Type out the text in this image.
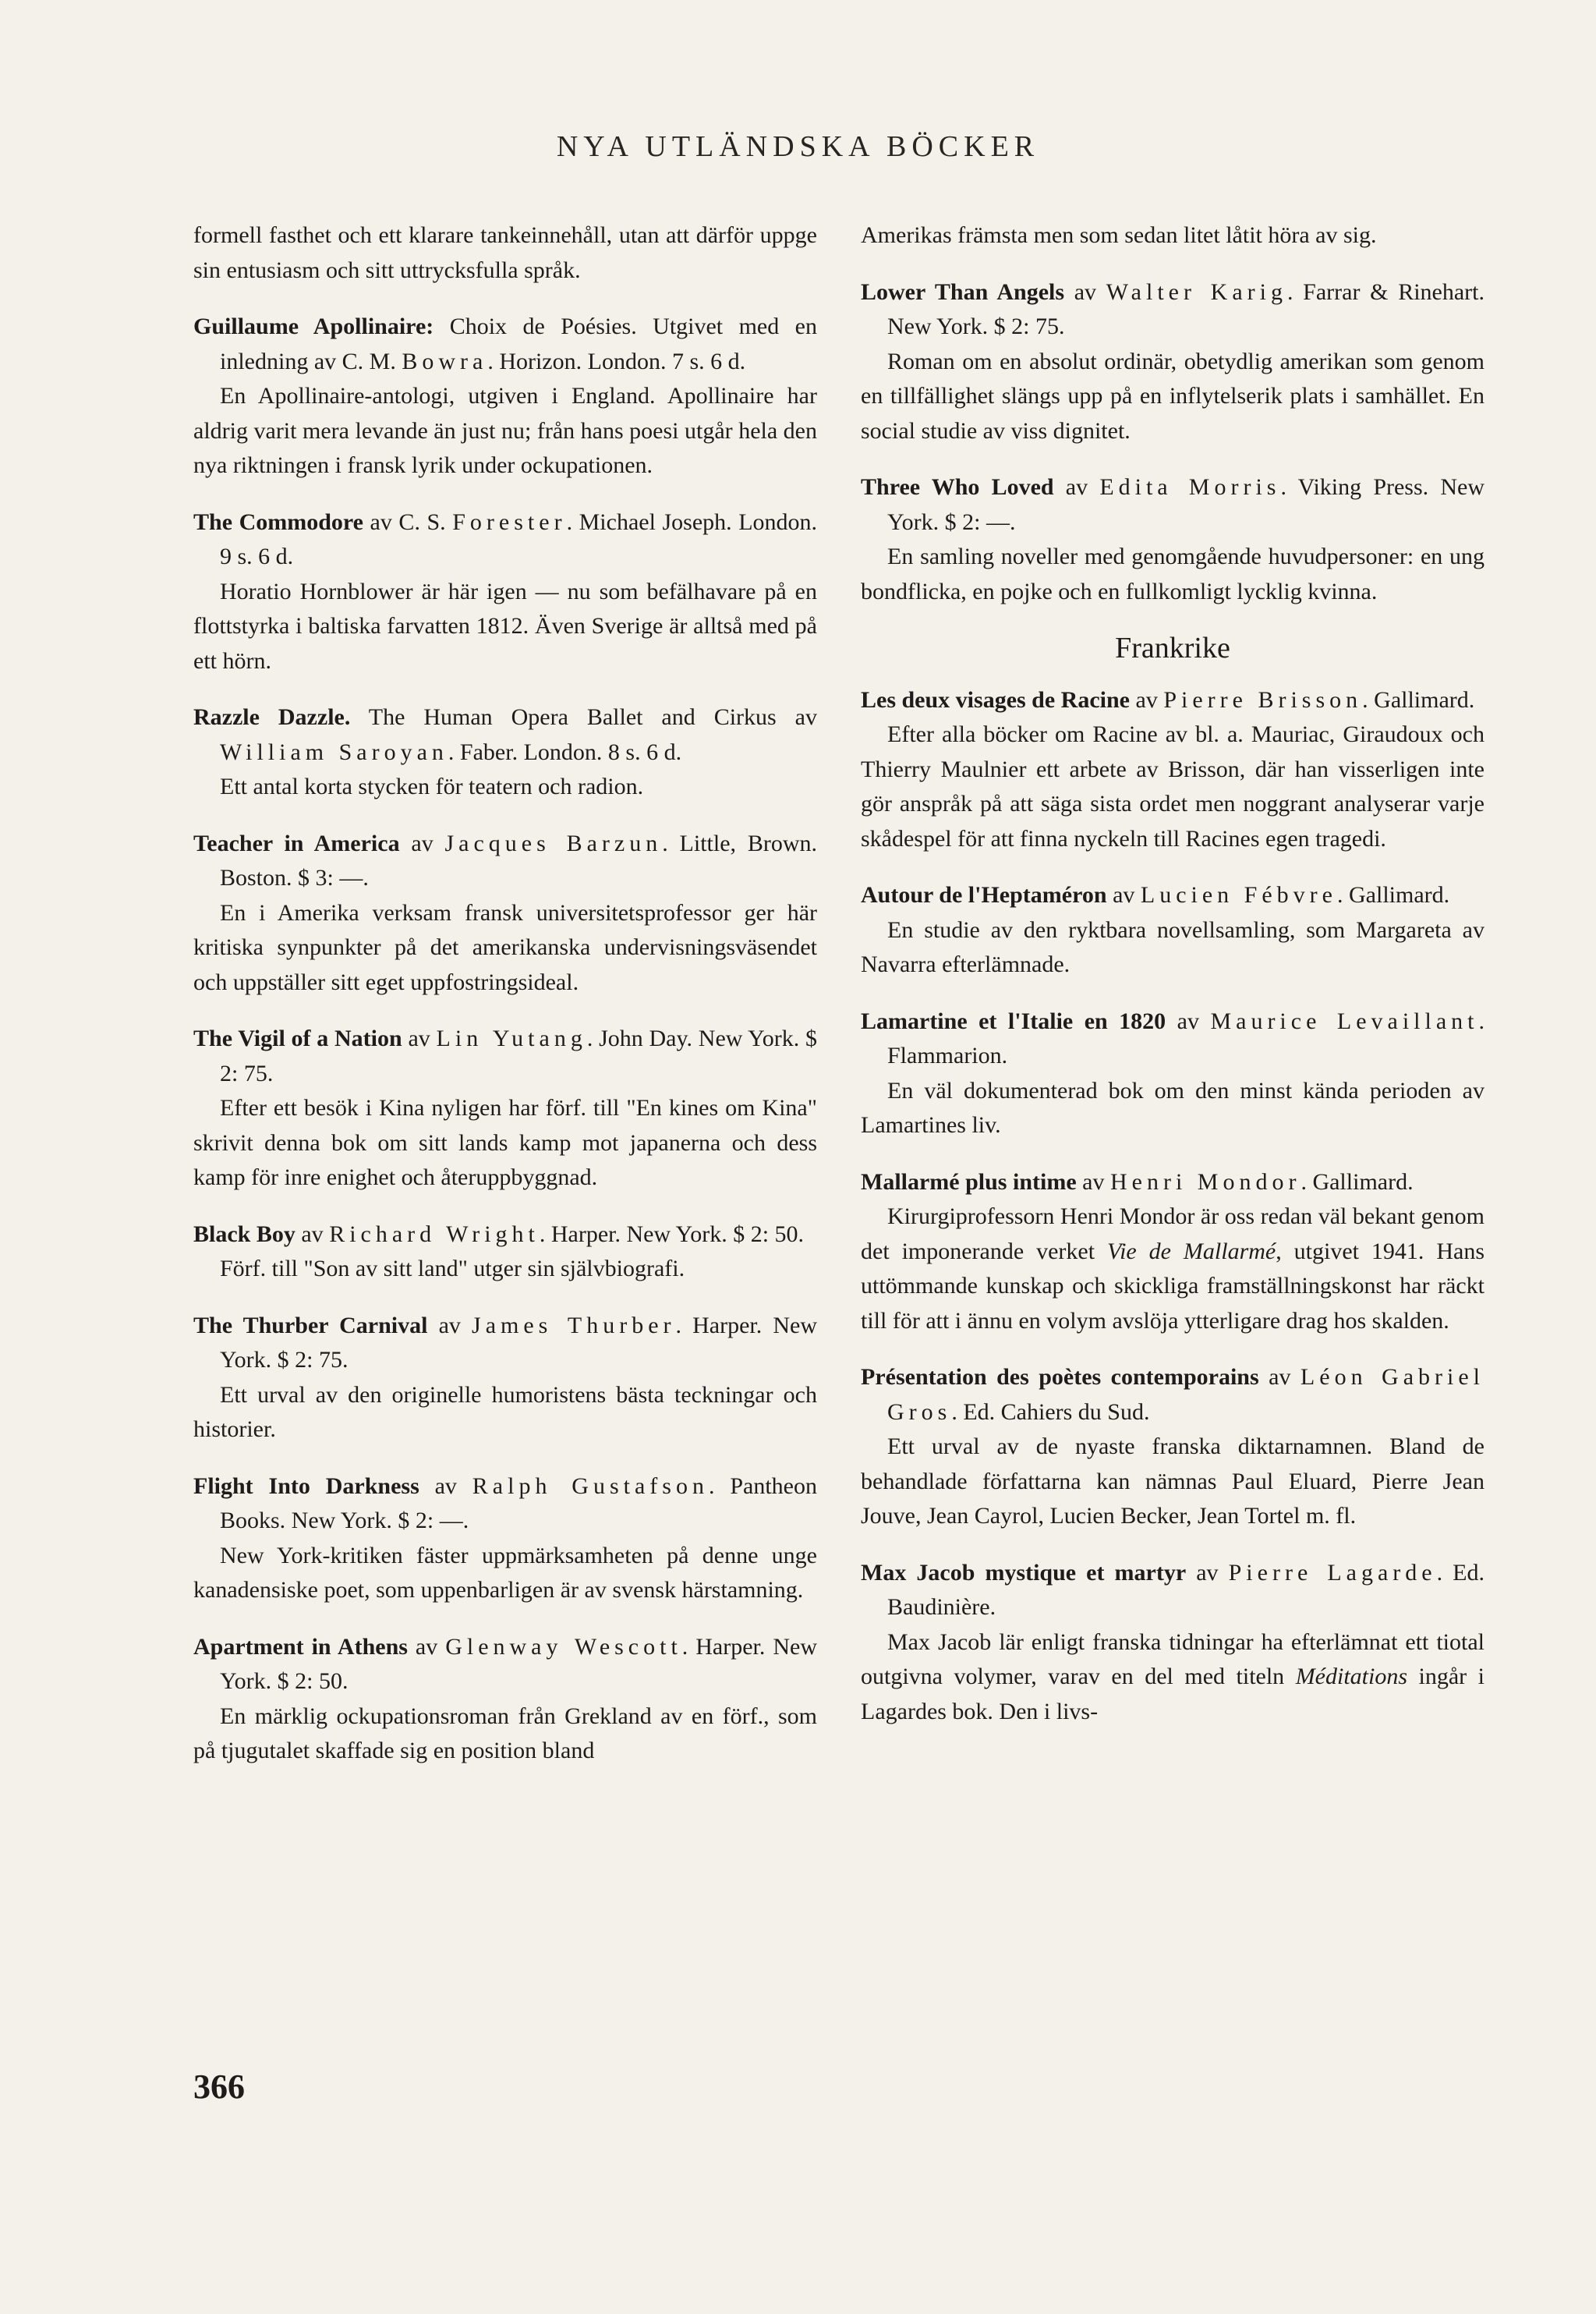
NYA UTLÄNDSKA BÖCKER

formell fasthet och ett klarare tankeinnehåll, utan att därför uppge sin entusiasm och sitt uttrycksfulla språk.

Guillaume Apollinaire: Choix de Poésies. Utgivet med en inledning av C. M. Bowra. Horizon. London. 7 s. 6 d.

En Apollinaire-antologi, utgiven i England. Apollinaire har aldrig varit mera levande än just nu; från hans poesi utgår hela den nya riktningen i fransk lyrik under ockupationen.

The Commodore av C. S. Forester. Michael Joseph. London. 9 s. 6 d.

Horatio Hornblower är här igen — nu som befälhavare på en flottstyrka i baltiska farvatten 1812. Även Sverige är alltså med på ett hörn.

Razzle Dazzle. The Human Opera Ballet and Cirkus av William Saroyan. Faber. London. 8 s. 6 d.

Ett antal korta stycken för teatern och radion.

Teacher in America av Jacques Barzun. Little, Brown. Boston. $ 3: —.

En i Amerika verksam fransk universitetsprofessor ger här kritiska synpunkter på det amerikanska undervisningsväsendet och uppställer sitt eget uppfostringsideal.

The Vigil of a Nation av Lin Yutang. John Day. New York. $ 2: 75.

Efter ett besök i Kina nyligen har förf. till "En kines om Kina" skrivit denna bok om sitt lands kamp mot japanerna och dess kamp för inre enighet och återuppbyggnad.

Black Boy av Richard Wright. Harper. New York. $ 2: 50.

Förf. till "Son av sitt land" utger sin självbiografi.

The Thurber Carnival av James Thurber. Harper. New York. $ 2: 75.

Ett urval av den originelle humoristens bästa teckningar och historier.

Flight Into Darkness av Ralph Gustafson. Pantheon Books. New York. $ 2: —.

New York-kritiken fäster uppmärksamheten på denne unge kanadensiske poet, som uppenbarligen är av svensk härstamning.

Apartment in Athens av Glenway Wescott. Harper. New York. $ 2: 50.

En märklig ockupationsroman från Grekland av en förf., som på tjugutalet skaffade sig en position bland

Amerikas främsta men som sedan litet låtit höra av sig.

Lower Than Angels av Walter Karig. Farrar & Rinehart. New York. $ 2: 75.

Roman om en absolut ordinär, obetydlig amerikan som genom en tillfällighet slängs upp på en inflytelserik plats i samhället. En social studie av viss dignitet.

Three Who Loved av Edita Morris. Viking Press. New York. $ 2: —.

En samling noveller med genomgående huvudpersoner: en ung bondflicka, en pojke och en fullkomligt lycklig kvinna.

Frankrike
Les deux visages de Racine av Pierre Brisson. Gallimard.

Efter alla böcker om Racine av bl. a. Mauriac, Giraudoux och Thierry Maulnier ett arbete av Brisson, där han visserligen inte gör anspråk på att säga sista ordet men noggrant analyserar varje skådespel för att finna nyckeln till Racines egen tragedi.

Autour de l'Heptaméron av Lucien Fébvre. Gallimard.

En studie av den ryktbara novellsamling, som Margareta av Navarra efterlämnade.

Lamartine et l'Italie en 1820 av Maurice Levaillant. Flammarion.

En väl dokumenterad bok om den minst kända perioden av Lamartines liv.

Mallarmé plus intime av Henri Mondor. Gallimard.

Kirurgiprofessorn Henri Mondor är oss redan väl bekant genom det imponerande verket Vie de Mallarmé, utgivet 1941. Hans uttömmande kunskap och skickliga framställningskonst har räckt till för att i ännu en volym avslöja ytterligare drag hos skalden.

Présentation des poètes contemporains av Léon Gabriel Gros. Ed. Cahiers du Sud.

Ett urval av de nyaste franska diktarnamnen. Bland de behandlade författarna kan nämnas Paul Eluard, Pierre Jean Jouve, Jean Cayrol, Lucien Becker, Jean Tortel m. fl.

Max Jacob mystique et martyr av Pierre Lagarde. Ed. Baudinière.

Max Jacob lär enligt franska tidningar ha efterlämnat ett tiotal outgivna volymer, varav en del med titeln Méditations ingår i Lagardes bok. Den i livs-

366
